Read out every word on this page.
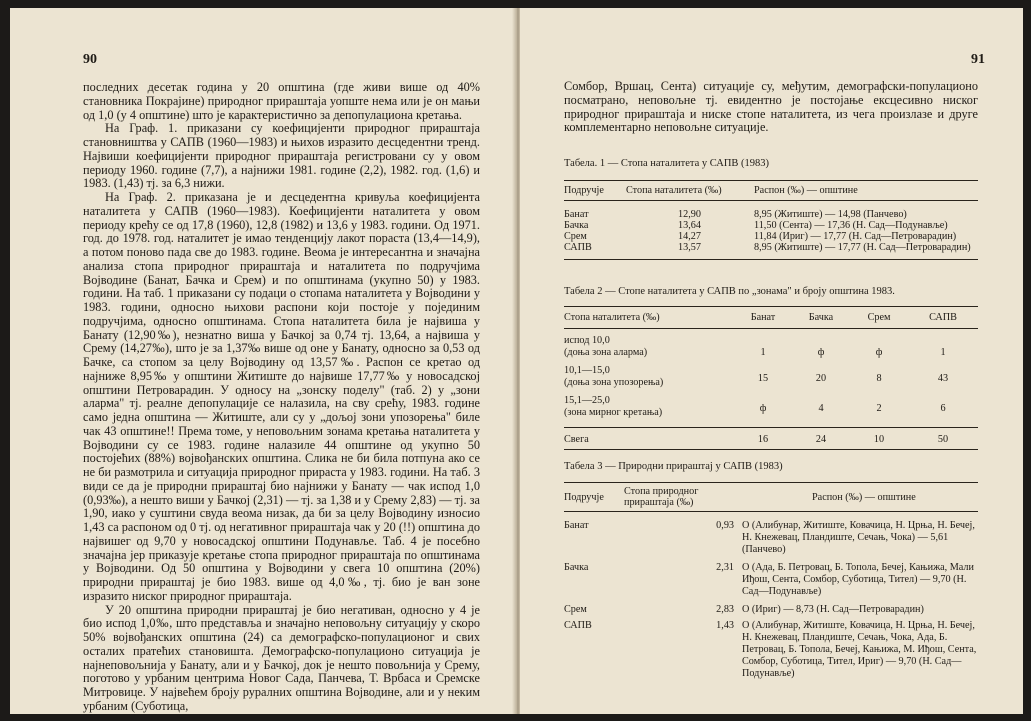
90

последних десетак година у 20 општина (где живи више од 40% становника Покрајине) природног прираштаја уопште нема или је он мањи од 1,0 (у 4 општине) што је карактеристично за депопулационa кретања.

На Граф. 1. приказани су коефицијенти природног прираштаја становништва у САПВ (1960—1983) и њихов изразито десцедентни тренд. Највиши коефицијенти природног прираштаја регистровани су у овом периоду 1960. године (7,7), а најнижи 1981. године (2,2), 1982. год. (1,6) и 1983. (1,43) тј. за 6,3 нижи.

На Граф. 2. приказана је и десцедентна кривуља коефицијента наталитета у САПВ (1960—1983). Коефицијенти наталитета у овом периоду крећу се од 17,8 (1960), 12,8 (1982) и 13,6 у 1983. години. Од 1971. год. до 1978. год. наталитет је имао тенденцију лакот пораста (13,4—14,9), а потом поново пада све до 1983. године. Веома је интересантна и значајна анализа стопа природног прираштаја и наталитета по подручјима Војводине (Банат, Бачка и Срем) и по општинама (укупно 50) у 1983. години. На таб. 1 приказани су подаци о стопама наталитета у Војводини у 1983. години, односно њихови распони који постоје у појединим подручјима, односно општинама. Стопа наталитета била је највиша у Банату (12,90‰), незнатно виша у Бачкој за 0,74 тј. 13,64, а највиша у Срему (14,27‰), што је за 1,37‰ више од оне у Банату, односно за 0,53 од Бачке, са стопом за целу Војводину од 13,57‰. Распон се кретао од најниже 8,95‰ у општини Житиште до највише 17,77‰ у новосадској општини Петроварадин. У односу на „зонску поделу" (таб. 2) у „зони аларма" тј. реалне депопулације се налазила, на сву срећу, 1983. године само једна општина — Житиште, али су у „дољој зони упозорења" биле чак 43 општине!! Према томе, у неповољним зонама кретања наталитета у Војводини су се 1983. године налазиле 44 општине од укупно 50 постојећих (88%) војвођанских општина. Слика не би била потпуна ако се не би размотрила и ситуација природног прираста у 1983. години. На таб. 3 види се да је природни прираштај био најнижи у Банату — чак испод 1,0 (0,93‰), а нешто виши у Бачкој (2,31) — тј. за 1,38 и у Срему 2,83) — тј. за 1,90, иако у суштини свуда веома низак, да би за целу Војводину износио 1,43 са распоном од 0 тј. од негативног прираштаја чак у 20 (!!) општина до највишег од 9,70 у новосадској општини Подунавље. Таб. 4 је посебно значајна јер приказује кретање стопа природног прираштаја по општинама у Војводини. Од 50 општина у Војводини у свега 10 општина (20%) природни прираштај је био 1983. више од 4,0‰, тј. био је ван зоне изразито ниског природног прираштаја.

У 20 општина природни прираштај је био негативан, односно у 4 је био испод 1,0‰, што представља и значајно неповољну ситуацију у скоро 50% војвођанских општина (24) са демографско-популационог и свих осталих пратећих становишта. Демографско-популационо ситуација је најнеповољнија у Банату, али и у Бачкој, док је нешто повољнија у Срему, поготово у урбаним центрима Новог Сада, Панчева, Т. Врбаса и Сремске Митровице. У највећем броју руралних општина Војводине, али и у неким урбаним (Суботица,

91

Сомбор, Вршац, Сента) ситуације су, међутим, демографски-популационо посматрано, неповољне тј. евидентно је постојање ексцесивно ниског природног прираштаја и ниске стопе наталитета, из чега произлазе и друге комплементарно неповољне ситуације.

Табела. 1 — Стопа наталитета у САПВ (1983)
Подручје	Стопа наталитета (‰)	Распон (‰) — општине

Банат	12,90	8,95 (Житиште) — 14,98 (Панчево)
Бачка	13,64	11,50 (Сента) — 17,36 (Н. Сад—Подунавље)
Срем	14,27	11,84 (Ириг) — 17,77 (Н. Сад—Петроварадин)
САПВ	13,57	8,95 (Житиште) — 17,77 (Н. Сад—Петроварадин)
Табела 2 — Стопе наталитета у САПВ по „зонама" и броју општина 1983.
Стопа наталитета (‰)	Банат	Бачка	Срем	САПВ

испод 10,0
(доња зона аларма)	1	ф	ф	1

10,1—15,0
(доња зона упозорења)	15	20	8	43

15,1—25,0
(зона мирног кретања)	ф	4	2	6
Свега	16	24	10	50
Табела 3 — Природни прираштај у САПВ (1983)
Подручје	Стопа природног прираштаја (‰)	Распон (‰) — општине
Банат	0,93	O (Алибунар, Житиште, Ковачица, Н. Црња, Н. Бечеј, Н. Кнежевац, Пландиште, Сечањ, Чока) — 5,61 (Панчево)
Бачка	2,31	O (Ада, Б. Петровац, Б. Топола, Бечеј, Кањижа, Мали Иђош, Сента, Сомбор, Суботица, Тител) — 9,70 (Н. Сад—Подунавље)
Срем	2,83	O (Ириг) — 8,73 (Н. Сад—Петроварадин)
САПВ	1,43	O (Алибунар, Житиште, Ковачица, Н. Црња, Н. Бечеј, Н. Кнежевац, Пландиште, Сечањ, Чока, Ада, Б. Петровац, Б. Топола, Бечеј, Кањижа, М. Иђош, Сента, Сомбор, Суботица, Тител, Ириг) — 9,70 (Н. Сад—Подунавље)
